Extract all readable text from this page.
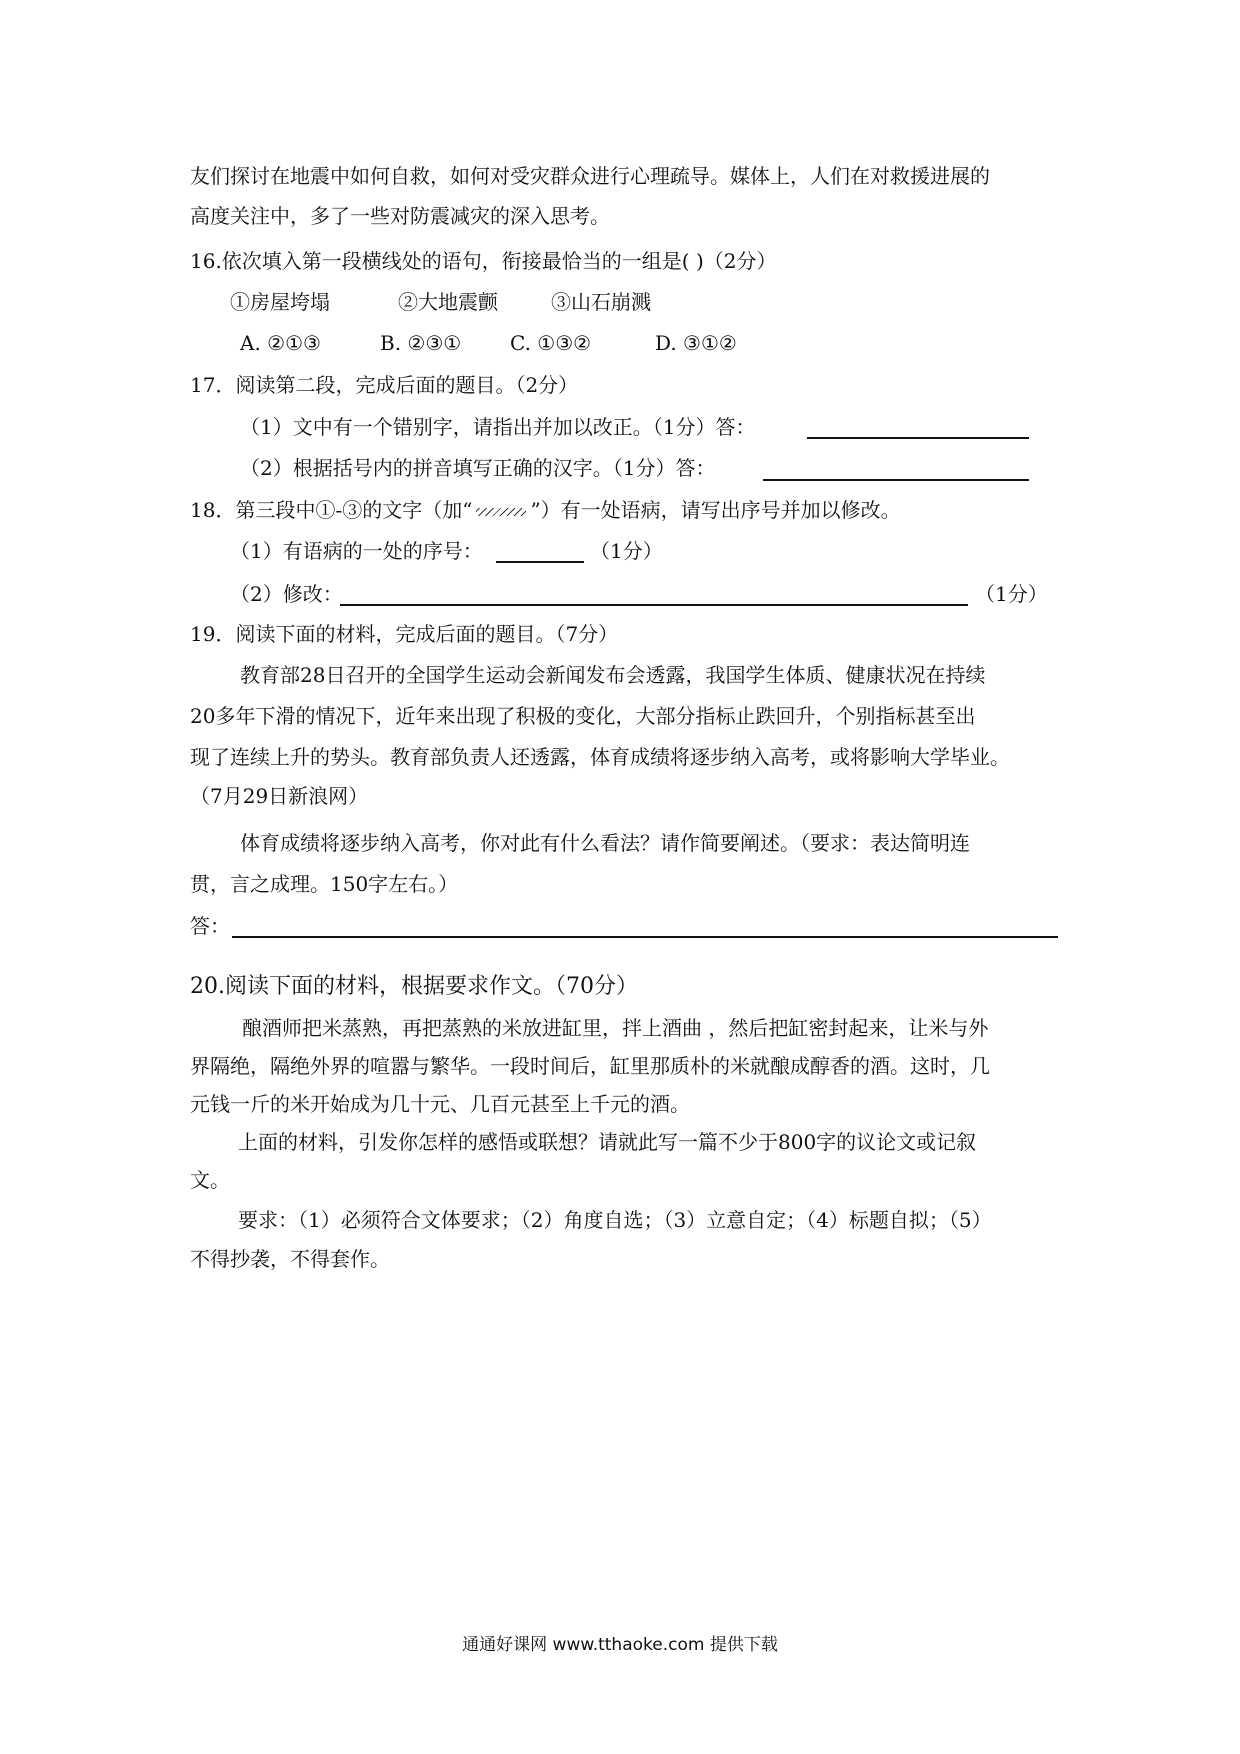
友们探讨在地震中如何自救，如何对受灾群众进行心理疏导。媒体上，人们在对救援进展的
高度关注中，多了一些对防震减灾的深入思考。
16.依次填入第一段横线处的语句，衔接最恰当的一组是( )（2分）
①房屋垮塌	②大地震颤	③山石崩溅
A. ②①③	B. ②③① C. ①③②	D. ③①②
17．阅读第二段，完成后面的题目。（2分）
（1）文中有一个错别字，请指出并加以改正。（1分）答：
（2）根据括号内的拼音填写正确的汉字。（1分）答：
18．第三段中①-③的文字（加“	”）有一处语病，请写出序号并加以修改。
（1）有语病的一处的序号：	（1分）
（2）修改：	（1分）
19．阅读下面的材料，完成后面的题目。（7分）
教育部28日召开的全国学生运动会新闻发布会透露，我国学生体质、健康状况在持续
20多年下滑的情况下，近年来出现了积极的变化，大部分指标止跌回升，个别指标甚至出
现了连续上升的势头。教育部负责人还透露，体育成绩将逐步纳入高考，或将影响大学毕业。
（7月29日新浪网）
体育成绩将逐步纳入高考，你对此有什么看法？请作简要阐述。（要求：表达简明连
贯，言之成理。150字左右。）
答：
20.阅读下面的材料，根据要求作文。（70分）
酿酒师把米蒸熟，再把蒸熟的米放进缸里，拌上酒曲 ，然后把缸密封起来，让米与外
界隔绝，隔绝外界的喧嚣与繁华。一段时间后，缸里那质朴的米就酿成醇香的酒。这时，几
元钱一斤的米开始成为几十元、几百元甚至上千元的酒。
上面的材料，引发你怎样的感悟或联想？请就此写一篇不少于800字的议论文或记叙
文。
要求：（1）必须符合文体要求；（2）角度自选；（3）立意自定；（4）标题自拟；（5）
不得抄袭，不得套作。
通通好课网 www.tthaoke.com 提供下载
